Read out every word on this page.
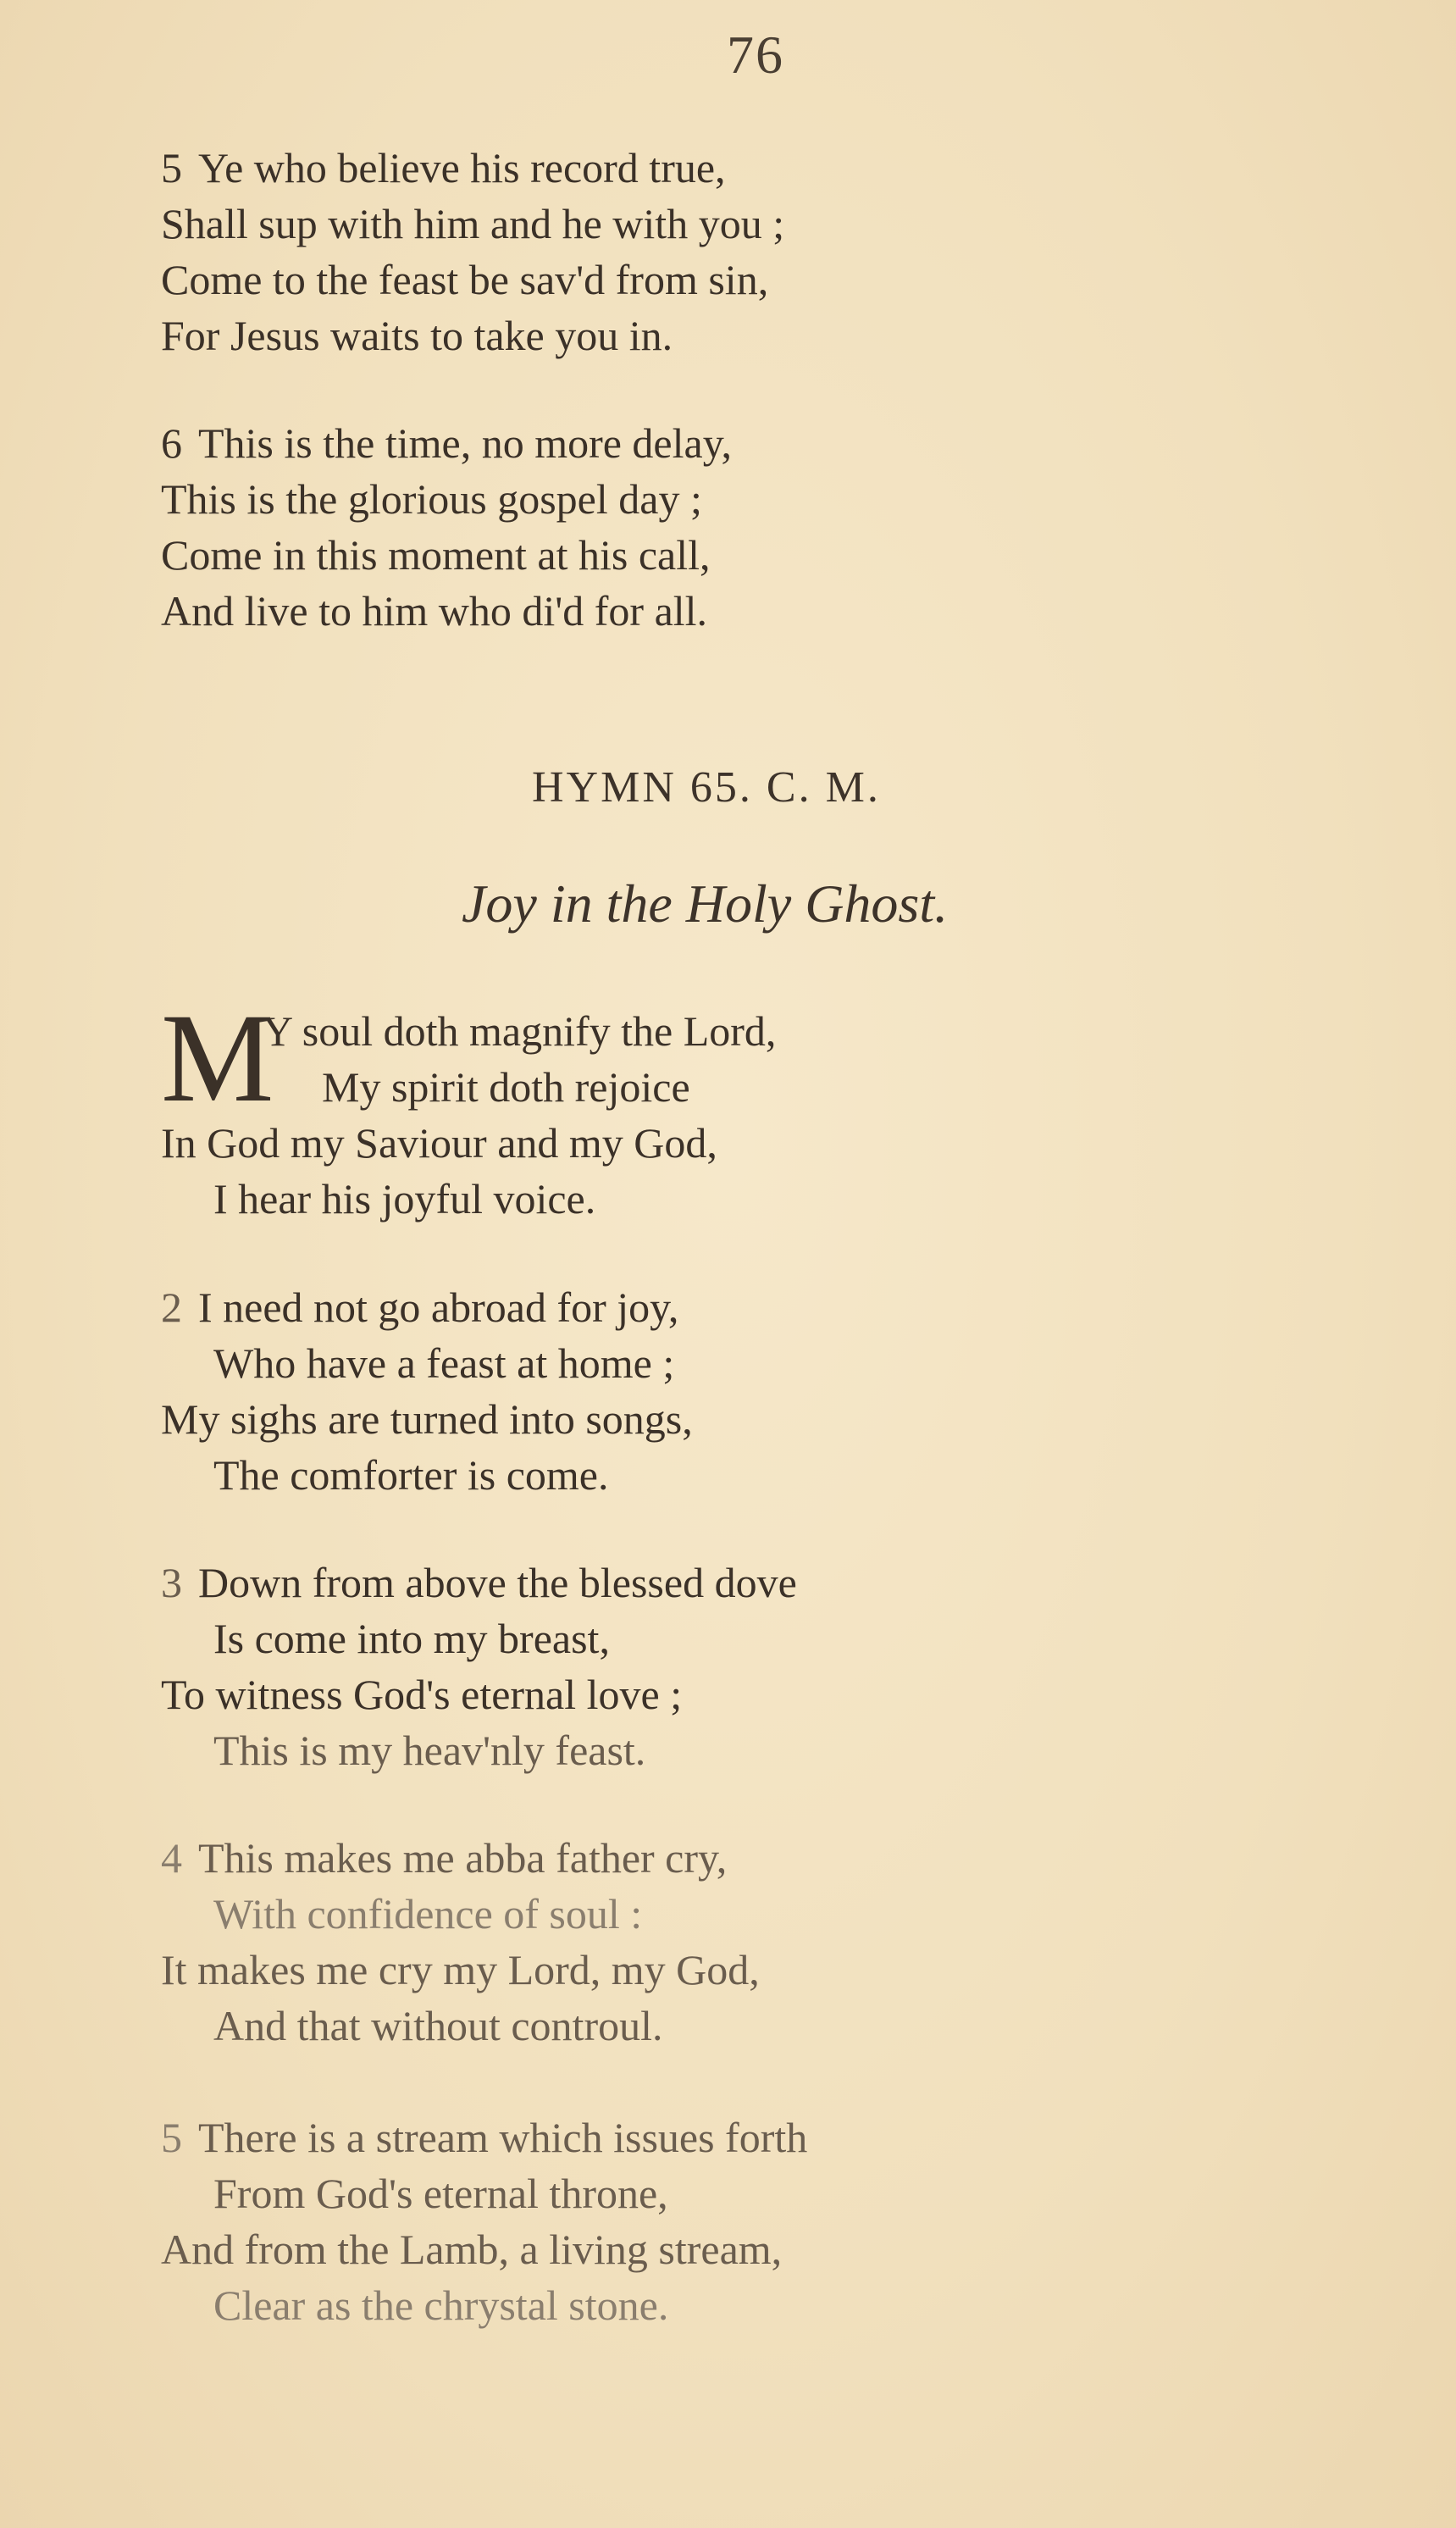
76
5 Ye who believe his record true,
Shall sup with him and he with you ;
Come to the feast be sav'd from sin,
For Jesus waits to take you in.
6 This is the time, no more delay,
This is the glorious gospel day ;
Come in this moment at his call,
And live to him who di'd for all.
HYMN 65. C. M.
Joy in the Holy Ghost.
M
Y soul doth magnify the Lord,
My spirit doth rejoice
In God my Saviour and my God,
I hear his joyful voice.
2 I need not go abroad for joy,
Who have a feast at home ;
My sighs are turned into songs,
The comforter is come.
3 Down from above the blessed dove
Is come into my breast,
To witness God's eternal love ;
This is my heav'nly feast.
4 This makes me abba father cry,
With confidence of soul :
It makes me cry my Lord, my God,
And that without controul.
5 There is a stream which issues forth
From God's eternal throne,
And from the Lamb, a living stream,
Clear as the chrystal stone.
